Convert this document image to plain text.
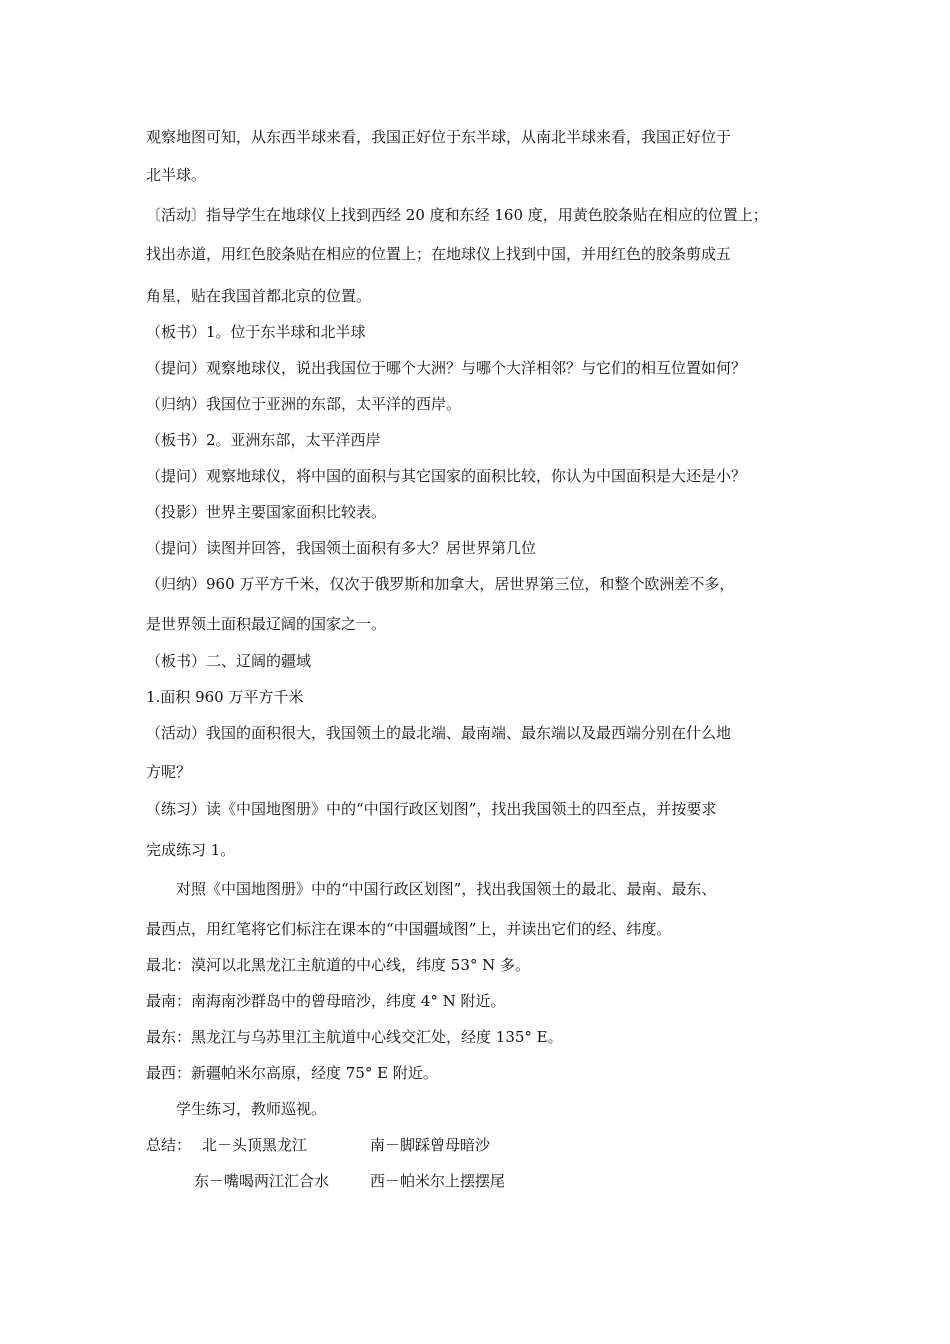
观察地图可知，从东西半球来看，我国正好位于东半球，从南北半球来看，我国正好位于
北半球。
〔活动〕指导学生在地球仪上找到西经 20 度和东经 160 度，用黄色胶条贴在相应的位置上；
找出赤道，用红色胶条贴在相应的位置上；在地球仪上找到中国，并用红色的胶条剪成五
角星，贴在我国首都北京的位置。
（板书）1。位于东半球和北半球
（提问）观察地球仪，说出我国位于哪个大洲？与哪个大洋相邻？与它们的相互位置如何？
（归纳）我国位于亚洲的东部，太平洋的西岸。
（板书）2。亚洲东部，太平洋西岸
（提问）观察地球仪，将中国的面积与其它国家的面积比较，你认为中国面积是大还是小？
（投影）世界主要国家面积比较表。
（提问）读图并回答，我国领土面积有多大？居世界第几位
（归纳）960 万平方千米，仅次于俄罗斯和加拿大，居世界第三位，和整个欧洲差不多，
是世界领土面积最辽阔的国家之一。
（板书）二、辽阔的疆域
1.面积 960 万平方千米
（活动）我国的面积很大，我国领土的最北端、最南端、最东端以及最西端分别在什么地
方呢？
（练习）读《中国地图册》中的“中国行政区划图”，找出我国领土的四至点，并按要求
完成练习 1。
对照《中国地图册》中的“中国行政区划图”，找出我国领土的最北、最南、最东、
最西点，用红笔将它们标注在课本的“中国疆域图”上，并读出它们的经、纬度。
最北：漠河以北黑龙江主航道的中心线，纬度 53° N 多。
最南：南海南沙群岛中的曾母暗沙，纬度 4° N 附近。
最东：黑龙江与乌苏里江主航道中心线交汇处，经度 135° E。
最西：新疆帕米尔高原，经度 75° E 附近。
学生练习，教师巡视。
总结： 北－头顶黑龙江	南－脚踩曾母暗沙
东－嘴喝两江汇合水	西－帕米尔上摆摆尾
